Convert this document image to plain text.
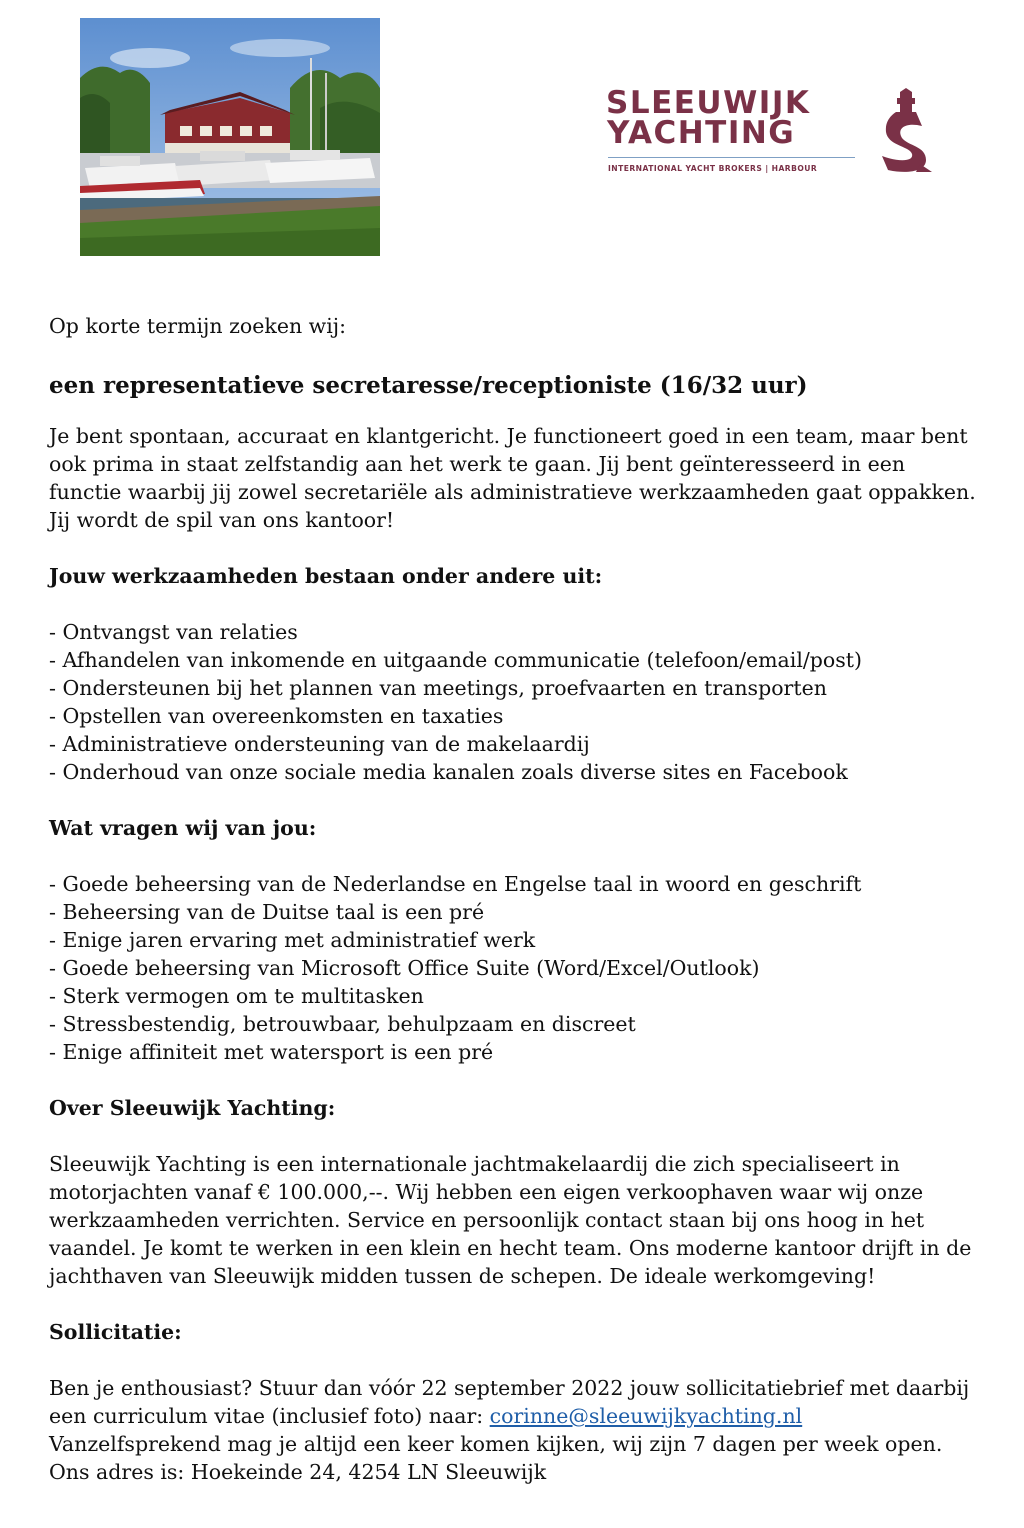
SLEEUWIJK
YACHTING
INTERNATIONAL YACHT BROKERS | HARBOUR

Op korte termijn zoeken wij:

een representatieve secretaresse/receptioniste (16/32 uur)

Je bent spontaan, accuraat en klantgericht. Je functioneert goed in een team, maar bent ook prima in staat zelfstandig aan het werk te gaan. Jij bent geïnteresseerd in een functie waarbij jij zowel secretariële als administratieve werkzaamheden gaat oppakken. Jij wordt de spil van ons kantoor!

Jouw werkzaamheden bestaan onder andere uit:

- Ontvangst van relaties
- Afhandelen van inkomende en uitgaande communicatie (telefoon/email/post)
- Ondersteunen bij het plannen van meetings, proefvaarten en transporten
- Opstellen van overeenkomsten en taxaties
- Administratieve ondersteuning van de makelaardij
- Onderhoud van onze sociale media kanalen zoals diverse sites en Facebook

Wat vragen wij van jou:

- Goede beheersing van de Nederlandse en Engelse taal in woord en geschrift
- Beheersing van de Duitse taal is een pré
- Enige jaren ervaring met administratief werk
- Goede beheersing van Microsoft Office Suite (Word/Excel/Outlook)
- Sterk vermogen om te multitasken
- Stressbestendig, betrouwbaar, behulpzaam en discreet
- Enige affiniteit met watersport is een pré

Over Sleeuwijk Yachting:

Sleeuwijk Yachting is een internationale jachtmakelaardij die zich specialiseert in motorjachten vanaf € 100.000,--. Wij hebben een eigen verkoophaven waar wij onze werkzaamheden verrichten. Service en persoonlijk contact staan bij ons hoog in het vaandel. Je komt te werken in een klein en hecht team. Ons moderne kantoor drijft in de jachthaven van Sleeuwijk midden tussen de schepen. De ideale werkomgeving!

Sollicitatie:

Ben je enthousiast? Stuur dan vóór 22 september 2022 jouw sollicitatiebrief met daarbij een curriculum vitae (inclusief foto) naar: corinne@sleeuwijkyachting.nl

Vanzelfsprekend mag je altijd een keer komen kijken, wij zijn 7 dagen per week open.

Ons adres is: Hoekeinde 24, 4254 LN Sleeuwijk
